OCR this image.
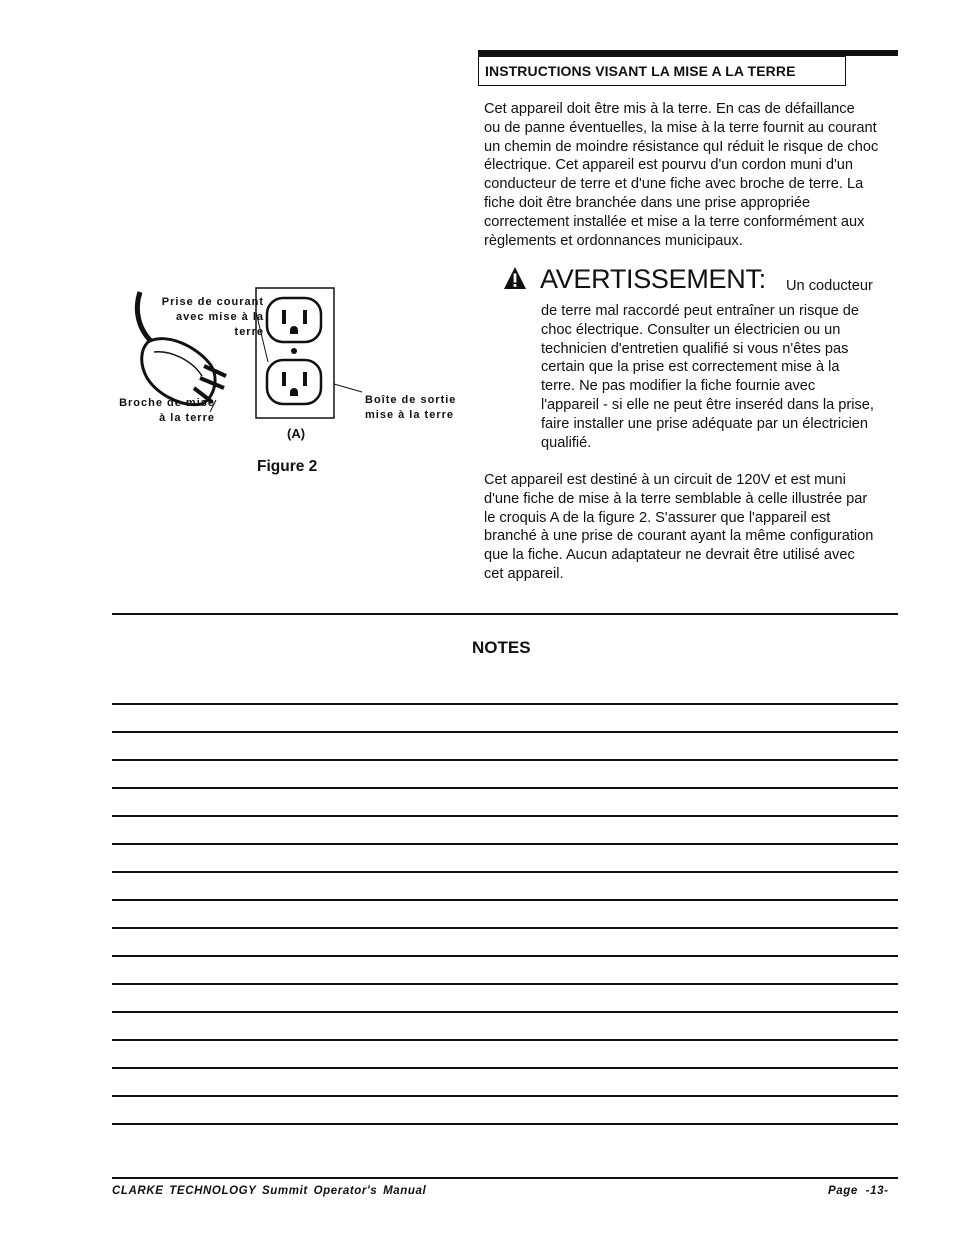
INSTRUCTIONS VISANT LA MISE A LA TERRE
Cet appareil doit être mis à la terre. En cas de défaillance
ou de panne éventuelles, la mise à la terre fournit au courant
un chemin de moindre résistance quI réduit le risque de choc
électrique. Cet appareil est pourvu d'un cordon muni d'un
conducteur de terre et d'une fiche avec broche de terre. La
fiche doit être branchée dans une prise appropriée
correctement installée et mise a la terre conformément aux
règlements et ordonnances municipaux.
AVERTISSEMENT: Un coducteur
de terre mal raccordé peut entraîner un risque de
choc électrique. Consulter un électricien ou un
technicien d'entretien qualifié si vous n'êtes pas
certain que la prise est correctement mise à la
terre. Ne pas modifier la fiche fournie avec
l'appareil - si elle ne peut être inseréd dans la prise,
faire installer une prise adéquate par un électricien
qualifié.
Cet appareil est destiné à un circuit de 120V et est muni
d'une fiche de mise à la terre semblable à celle illustrée par
le croquis A de la figure 2. S'assurer que l'appareil est
branché à une prise de courant ayant la même configuration
que la fiche. Aucun adaptateur ne devrait être utilisé avec
cet appareil.
Prise de courant
avec mise à la
terre
Broche de mise
à la terre
Boîte de sortie
mise à la terre
(A)
Figure 2
NOTES
CLARKE TECHNOLOGY Summit Operator's Manual	Page -13-
